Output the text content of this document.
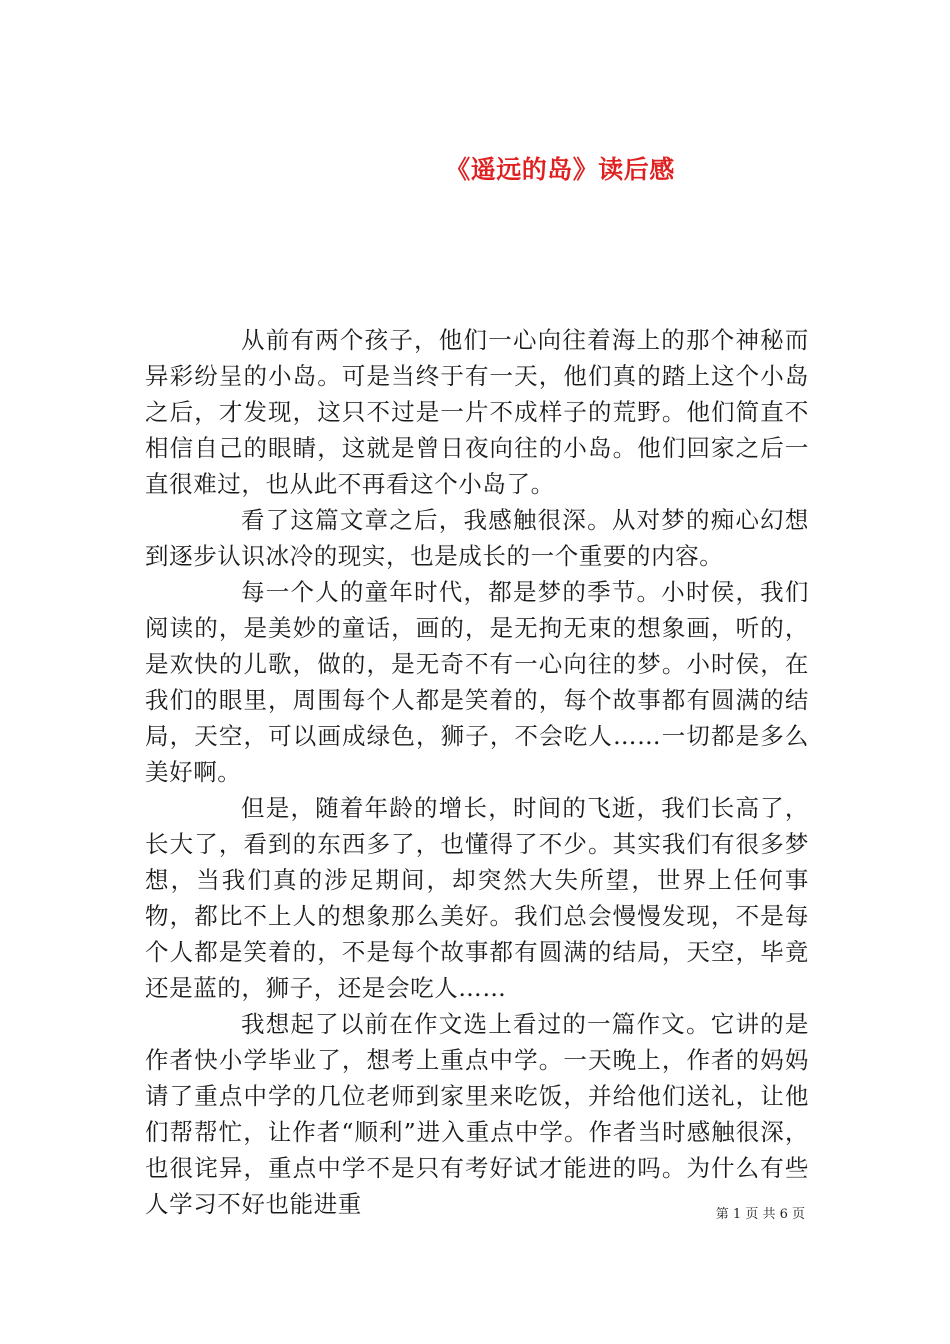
《遥远的岛》读后感

从前有两个孩子，他们一心向往着海上的那个神秘而异彩纷呈的小岛。可是当终于有一天，他们真的踏上这个小岛之后，才发现，这只不过是一片不成样子的荒野。他们简直不相信自己的眼睛，这就是曾日夜向往的小岛。他们回家之后一直很难过，也从此不再看这个小岛了。

看了这篇文章之后，我感触很深。从对梦的痴心幻想到逐步认识冰冷的现实，也是成长的一个重要的内容。

每一个人的童年时代，都是梦的季节。小时侯，我们阅读的，是美妙的童话，画的，是无拘无束的想象画，听的，是欢快的儿歌，做的，是无奇不有一心向往的梦。小时侯，在我们的眼里，周围每个人都是笑着的，每个故事都有圆满的结局，天空，可以画成绿色，狮子，不会吃人……一切都是多么美好啊。

但是，随着年龄的增长，时间的飞逝，我们长高了，长大了，看到的东西多了，也懂得了不少。其实我们有很多梦想，当我们真的涉足期间，却突然大失所望，世界上任何事物，都比不上人的想象那么美好。我们总会慢慢发现，不是每个人都是笑着的，不是每个故事都有圆满的结局，天空，毕竟还是蓝的，狮子，还是会吃人……

我想起了以前在作文选上看过的一篇作文。它讲的是作者快小学毕业了，想考上重点中学。一天晚上，作者的妈妈请了重点中学的几位老师到家里来吃饭，并给他们送礼，让他们帮帮忙，让作者“顺利”进入重点中学。作者当时感触很深，也很诧异，重点中学不是只有考好试才能进的吗。为什么有些人学习不好也能进重	第 1 页 共 6 页
